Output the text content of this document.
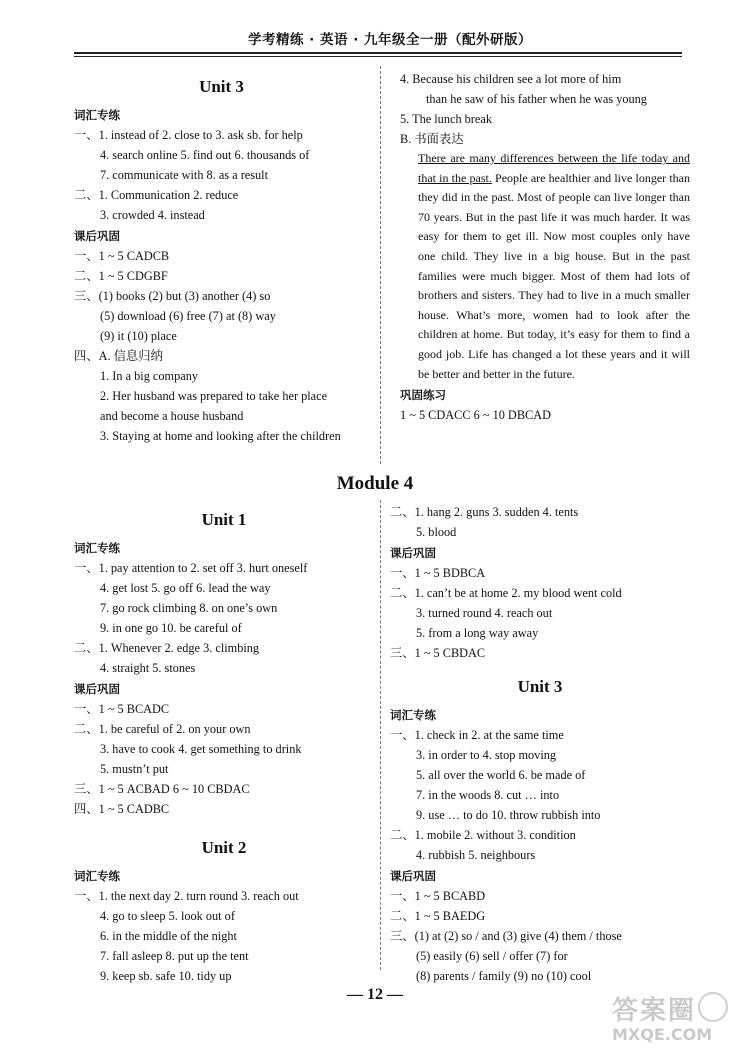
学考精练 · 英语 · 九年级全一册（配外研版）
Unit 3
词汇专练
一、1. instead of 2. close to 3. ask sb. for help
4. search online 5. find out 6. thousands of
7. communicate with 8. as a result
二、1. Communication 2. reduce
3. crowded 4. instead
课后巩固
一、1 ~ 5 CADCB
二、1 ~ 5 CDGBF
三、(1) books (2) but (3) another (4) so
(5) download (6) free (7) at (8) way
(9) it (10) place
四、A. 信息归纳
1. In a big company
2. Her husband was prepared to take her place
and become a house husband
3. Staying at home and looking after the children
4. Because his children see a lot more of him
than he saw of his father when he was young
5. The lunch break
B. 书面表达
There are many differences between the life today and that in the past. People are healthier and live longer than they did in the past. Most of people can live longer than 70 years. But in the past life it was much harder. It was easy for them to get ill. Now most couples only have one child. They live in a big house. But in the past families were much bigger. Most of them had lots of brothers and sisters. They had to live in a much smaller house. What’s more, women had to look after the children at home. But today, it’s easy for them to find a good job. Life has changed a lot these years and it will be better and better in the future.
巩固练习
1 ~ 5 CDACC 6 ~ 10 DBCAD
Module 4
Unit 1
词汇专练
一、1. pay attention to 2. set off 3. hurt oneself
4. get lost 5. go off 6. lead the way
7. go rock climbing 8. on one’s own
9. in one go 10. be careful of
二、1. Whenever 2. edge 3. climbing
4. straight 5. stones
课后巩固
一、1 ~ 5 BCADC
二、1. be careful of 2. on your own
3. have to cook 4. get something to drink
5. mustn’t put
三、1 ~ 5 ACBAD 6 ~ 10 CBDAC
四、1 ~ 5 CADBC
Unit 2
词汇专练
一、1. the next day 2. turn round 3. reach out
4. go to sleep 5. look out of
6. in the middle of the night
7. fall asleep 8. put up the tent
9. keep sb. safe 10. tidy up
二、1. hang 2. guns 3. sudden 4. tents
5. blood
课后巩固
一、1 ~ 5 BDBCA
二、1. can’t be at home 2. my blood went cold
3. turned round 4. reach out
5. from a long way away
三、1 ~ 5 CBDAC
Unit 3
词汇专练
一、1. check in 2. at the same time
3. in order to 4. stop moving
5. all over the world 6. be made of
7. in the woods 8. cut … into
9. use … to do 10. throw rubbish into
二、1. mobile 2. without 3. condition
4. rubbish 5. neighbours
课后巩固
一、1 ~ 5 BCABD
二、1 ~ 5 BAEDG
三、(1) at (2) so / and (3) give (4) them / those
(5) easily (6) sell / offer (7) for
(8) parents / family (9) no (10) cool
— 12 —
答案圈
MXQE.COM
